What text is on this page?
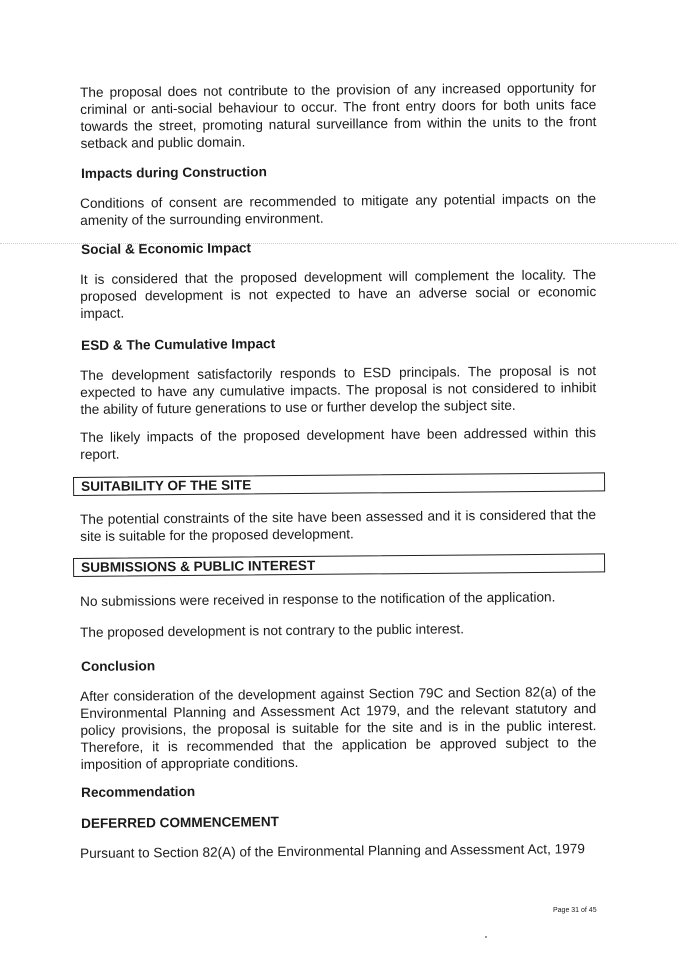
The proposal does not contribute to the provision of any increased opportunity for criminal or anti-social behaviour to occur. The front entry doors for both units face towards the street, promoting natural surveillance from within the units to the front setback and public domain.

Impacts during Construction

Conditions of consent are recommended to mitigate any potential impacts on the amenity of the surrounding environment.

Social & Economic Impact

It is considered that the proposed development will complement the locality. The proposed development is not expected to have an adverse social or economic impact.

ESD & The Cumulative Impact

The development satisfactorily responds to ESD principals. The proposal is not expected to have any cumulative impacts. The proposal is not considered to inhibit the ability of future generations to use or further develop the subject site.

The likely impacts of the proposed development have been addressed within this report.

SUITABILITY OF THE SITE

The potential constraints of the site have been assessed and it is considered that the site is suitable for the proposed development.

SUBMISSIONS & PUBLIC INTEREST

No submissions were received in response to the notification of the application.

The proposed development is not contrary to the public interest.

Conclusion

After consideration of the development against Section 79C and Section 82(a) of the Environmental Planning and Assessment Act 1979, and the relevant statutory and policy provisions, the proposal is suitable for the site and is in the public interest. Therefore, it is recommended that the application be approved subject to the imposition of appropriate conditions.

Recommendation
DEFERRED COMMENCEMENT

Pursuant to Section 82(A) of the Environmental Planning and Assessment Act, 1979

Page 31 of 45
